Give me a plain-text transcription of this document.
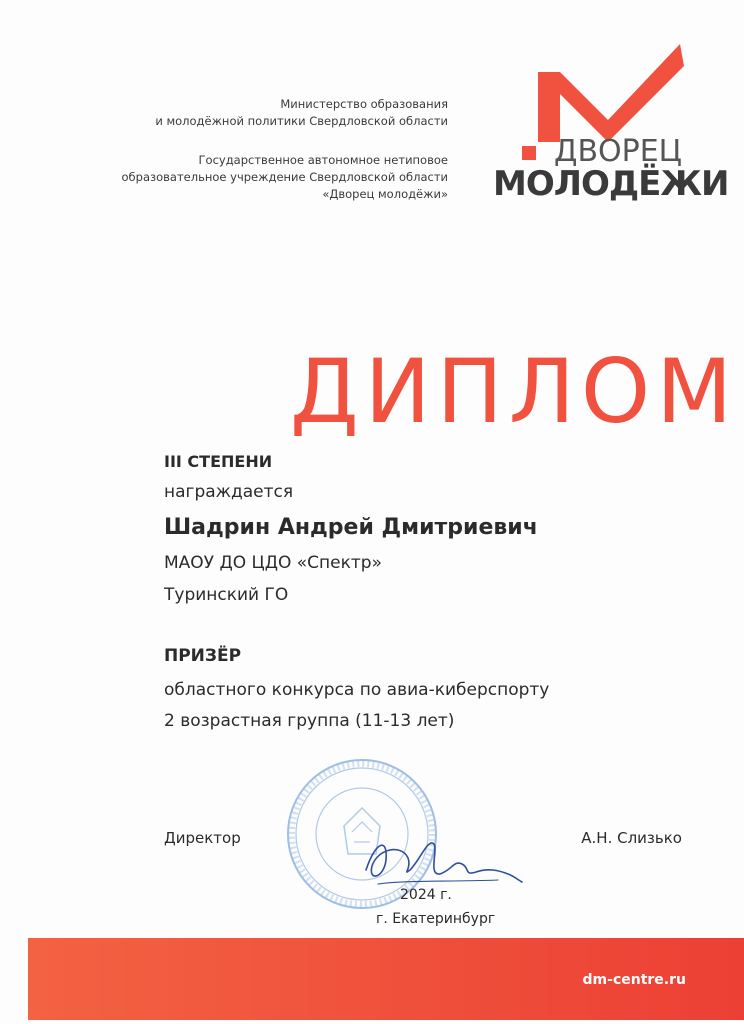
Министерство образования
и молодёжной политики Свердловской области
Государственное автономное нетиповое
образовательное учреждение Свердловской области
«Дворец молодёжи»
ДВОРЕЦ
МОЛОДЁЖИ
ДИПЛОМ
III СТЕПЕНИ
награждается
Шадрин Андрей Дмитриевич
МАОУ ДО ЦДО «Спектр»
Туринский ГО
ПРИЗЁР
областного конкурса по авиа-киберспорту
2 возрастная группа (11-13 лет)
Директор	А.Н. Слизько
2024 г.
г. Екатеринбург
dm-centre.ru
